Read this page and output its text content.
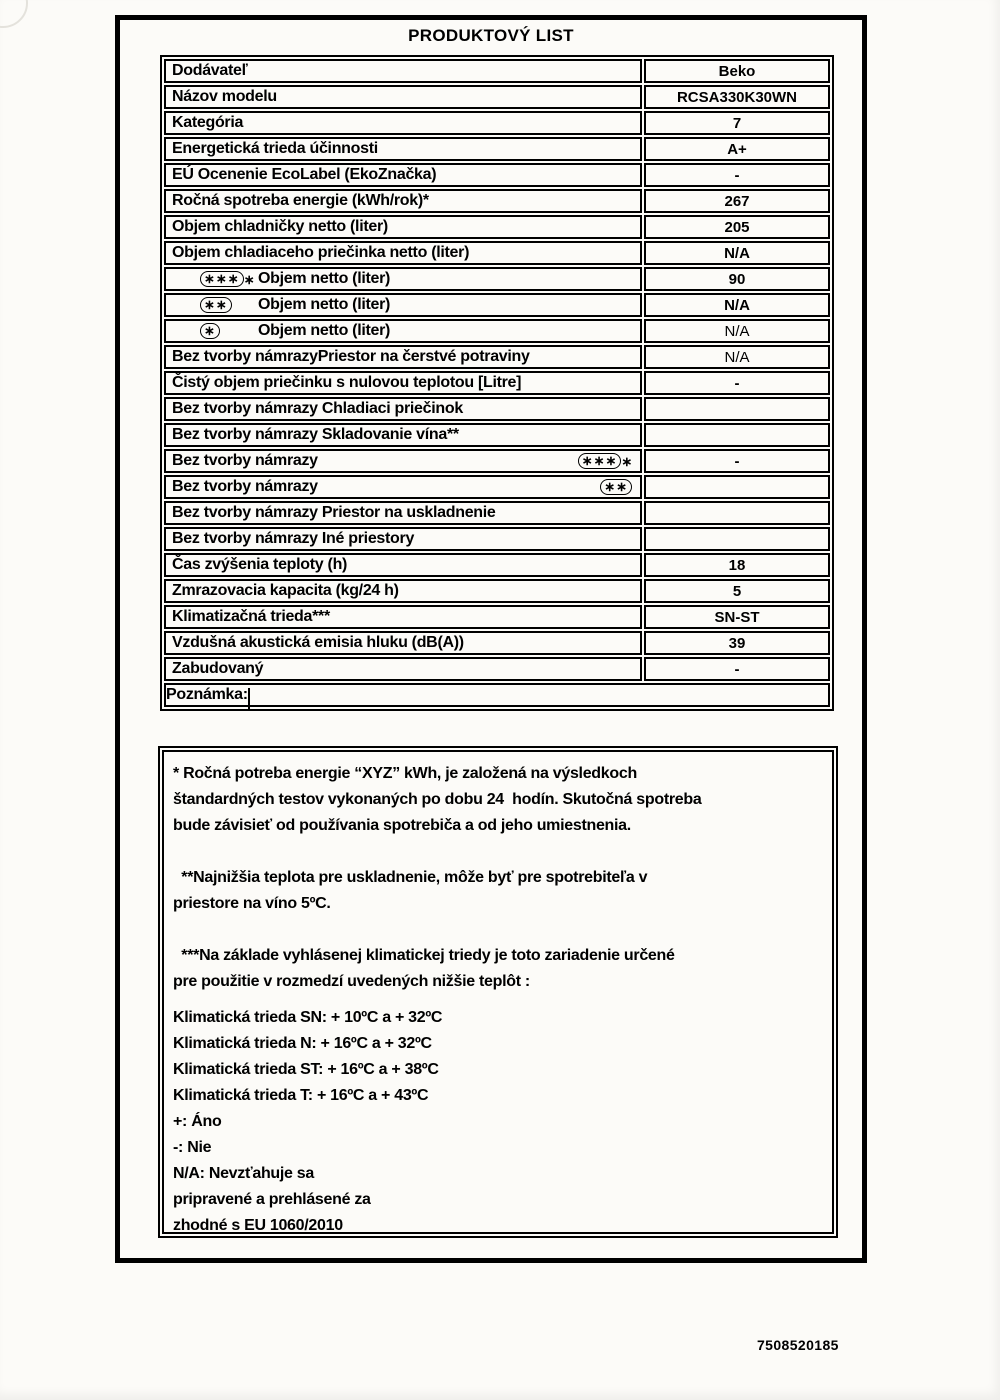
PRODUKTOVÝ LIST
Dodávateľ	Beko

Názov modelu	RCSA330K30WN

Kategória	7

Energetická trieda účinnosti	A+

EÚ Ocenenie EcoLabel (EkoZnačka)	-

Ročná spotreba energie (kWh/rok)*	267

Objem chladničky netto (liter)	205

Objem chladiaceho priečinka netto (liter)	N/A

∗∗∗ ∗ Objem netto (liter)	90

∗∗ Objem netto (liter)	N/A

∗ Objem netto (liter)	N/A

Bez tvorby námrazyPriestor na čerstvé potraviny	N/A

Čistý objem priečinku s nulovou teplotou [Litre]	-

Bez tvorby námrazy Chladiaci priečinok	

Bez tvorby námrazy Skladovanie vína**	

Bez tvorby námrazy ∗∗∗ ∗	-

Bez tvorby námrazy ∗∗	

Bez tvorby námrazy Priestor na uskladnenie	

Bez tvorby námrazy Iné priestory	

Čas zvýšenia teploty (h)	18

Zmrazovacia kapacita (kg/24 h)	5

Klimatizačná trieda***	SN-ST

Vzdušná akustická emisia hluku (dB(A))	39

Zabudovaný	-
Poznámka:	
* Ročná potreba energie “XYZ” kWh, je založená na výsledkoch
štandardných testov vykonaných po dobu 24  hodín. Skutočná spotreba
bude závisieť od používania spotrebiča a od jeho umiestnenia.
**Najnižšia teplota pre uskladnenie, môže byť pre spotrebiteľa v
priestore na víno 5ºC.
***Na základe vyhlásenej klimatickej triedy je toto zariadenie určené
pre použitie v rozmedzí uvedených nižšie teplôt :
Klimatická trieda SN: + 10ºC a + 32ºC
Klimatická trieda N: + 16ºC a + 32ºC
Klimatická trieda ST: + 16ºC a + 38ºC
Klimatická trieda T: + 16ºC a + 43ºC
+: Áno
-: Nie
N/A: Nevzťahuje sa
pripravené a prehlásené za
zhodné s EU 1060/2010
7508520185
